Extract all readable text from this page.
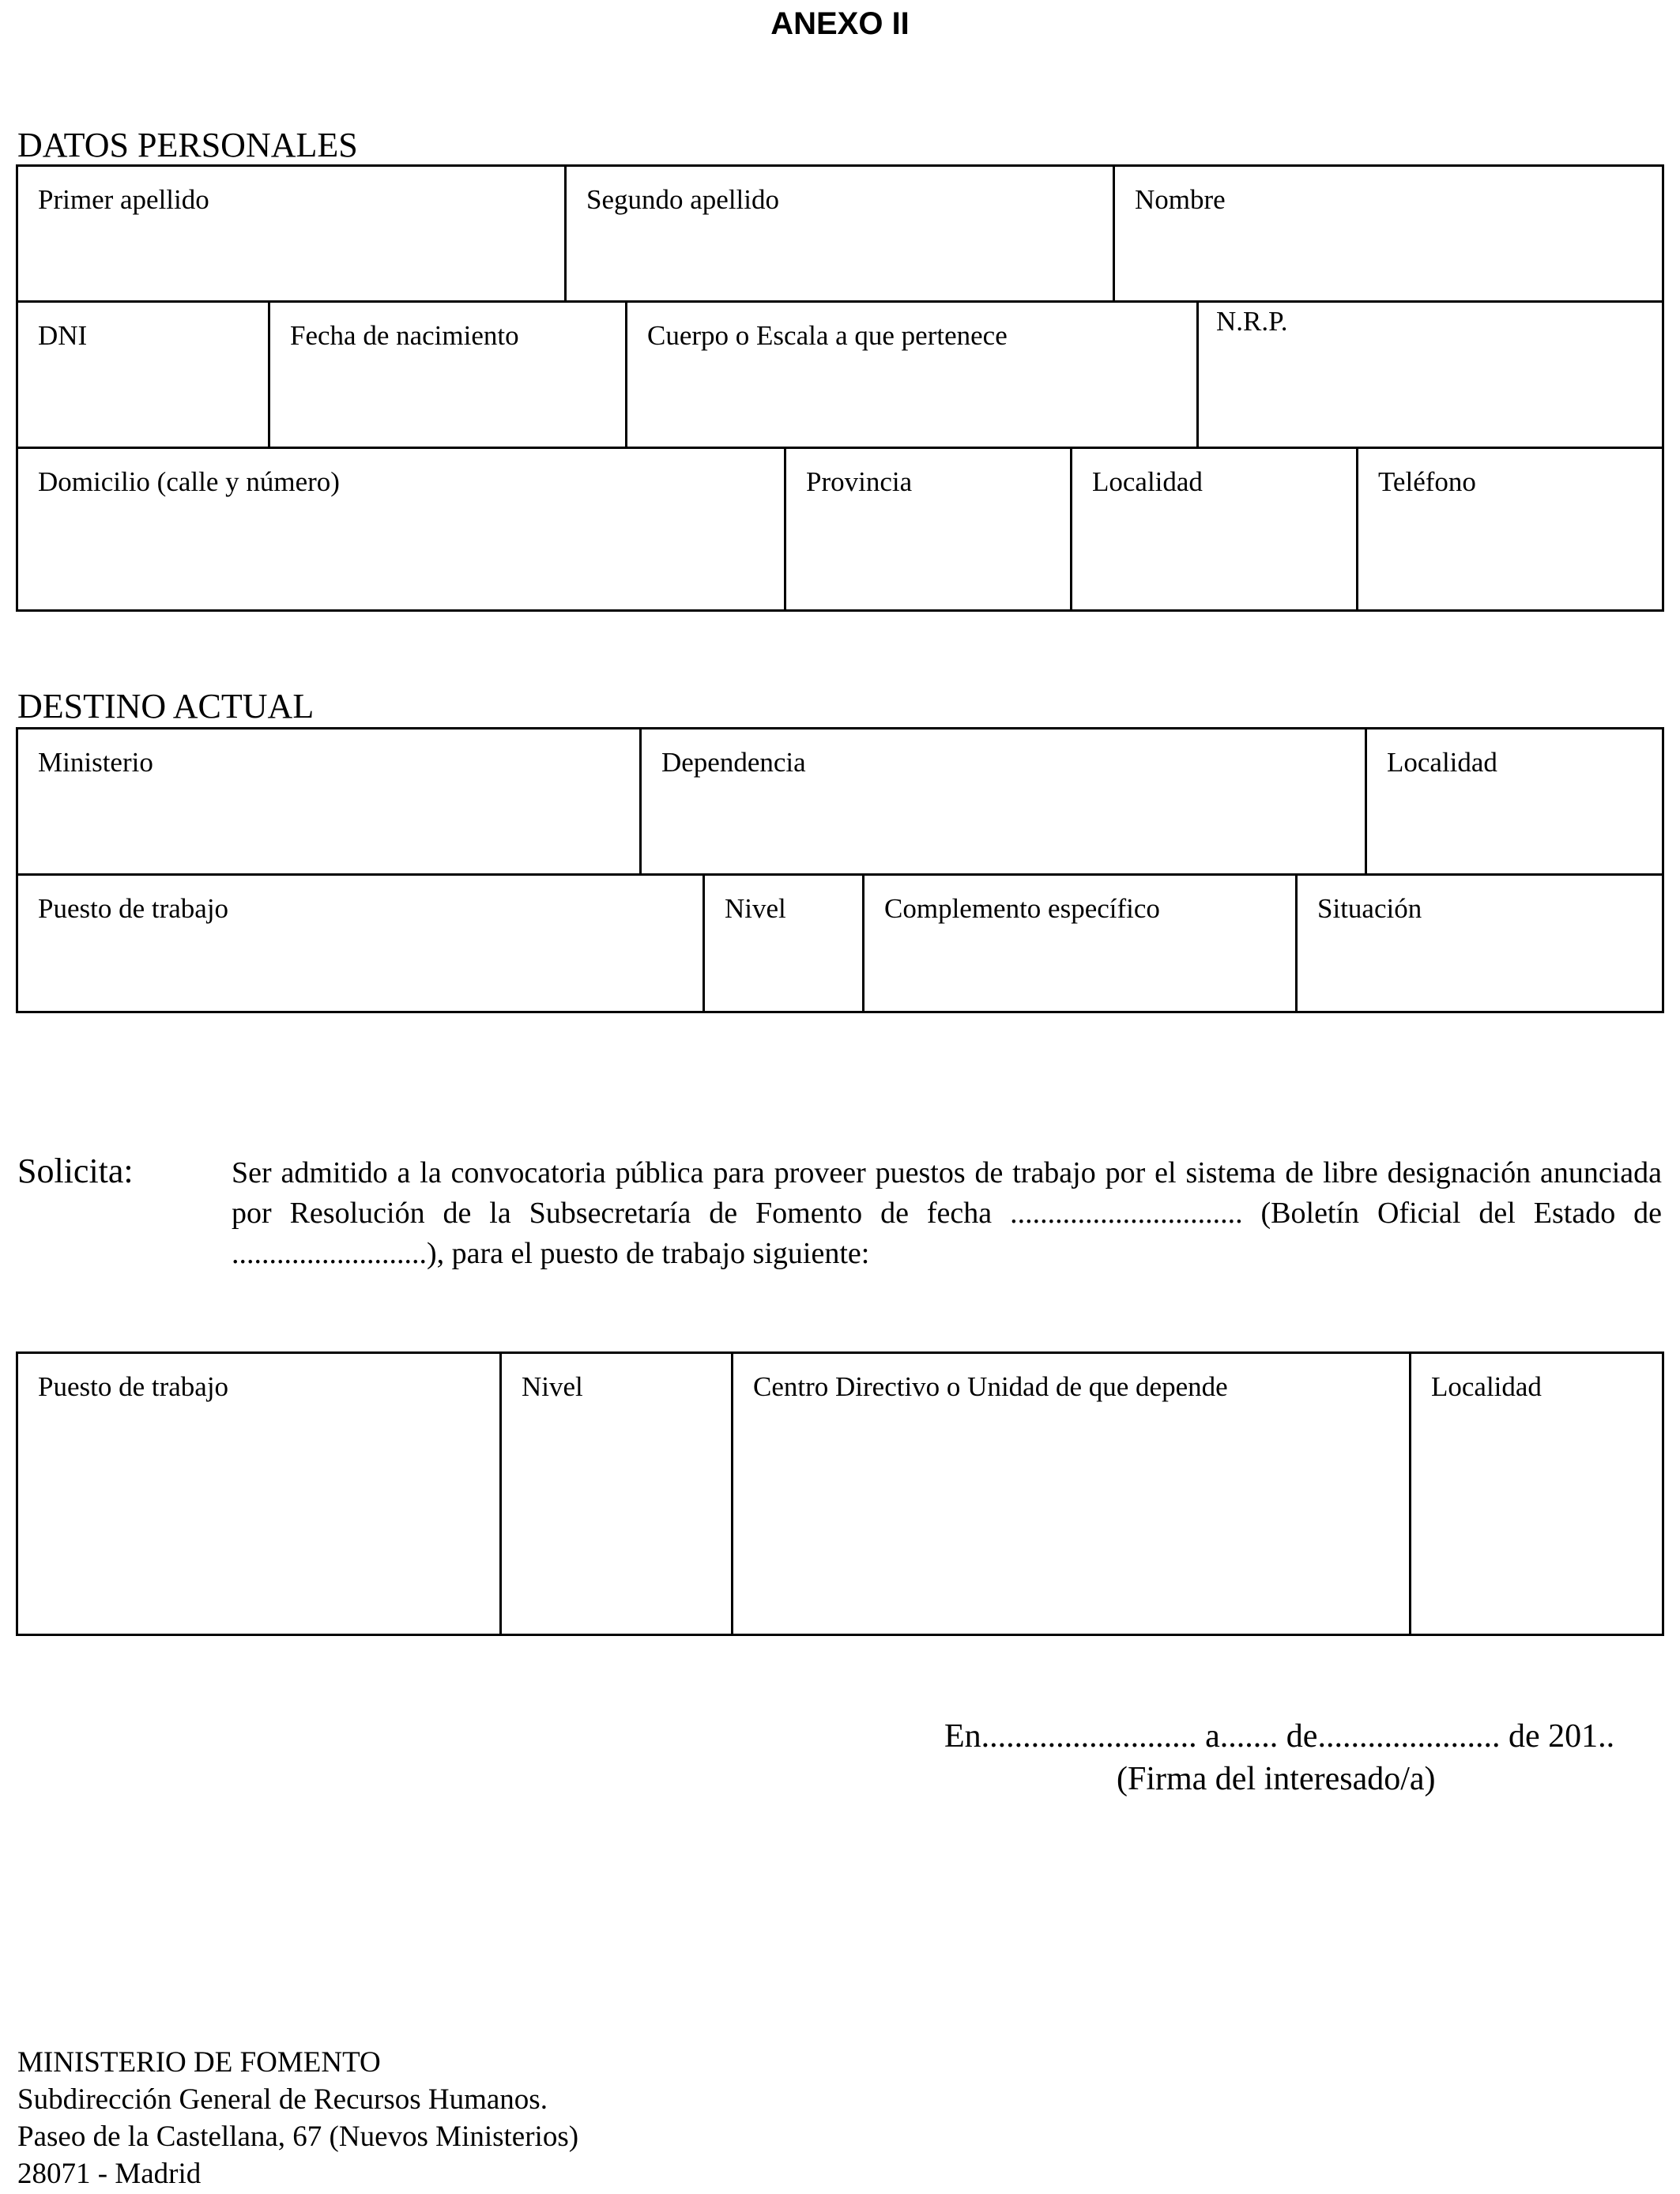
ANEXO II
DATOS PERSONALES
Primer apellido	Segundo apellido	Nombre
DNI	Fecha de nacimiento	Cuerpo o Escala a que pertenece	N.R.P.
Domicilio (calle y número)	Provincia	Localidad	Teléfono
DESTINO ACTUAL
Ministerio	Dependencia	Localidad
Puesto de trabajo	Nivel	Complemento específico	Situación
Solicita:	Ser admitido a la convocatoria pública para proveer puestos de trabajo por el sistema de libre designación anunciada por Resolución de la Subsecretaría de Fomento de fecha ............................... (Boletín Oficial del Estado de ..........................), para el puesto de trabajo siguiente:
Puesto de trabajo	Nivel	Centro Directivo o Unidad de que depende	Localidad
En.......................... a....... de...................... de 201..
(Firma del interesado/a)
MINISTERIO DE FOMENTO
Subdirección General de Recursos Humanos.
Paseo de la Castellana, 67 (Nuevos Ministerios)
28071 - Madrid
